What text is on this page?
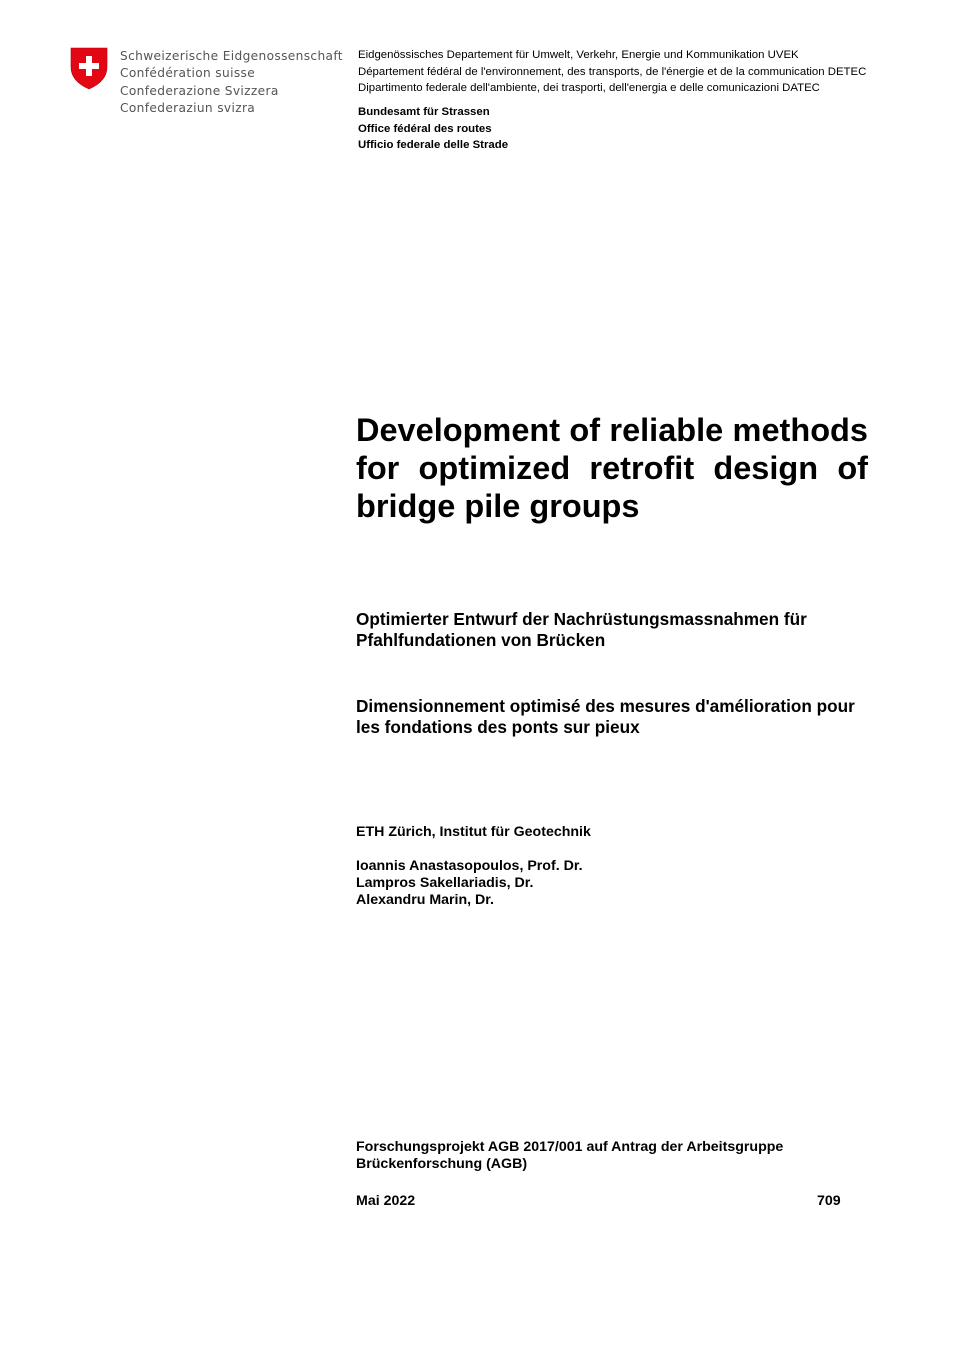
Schweizerische Eidgenossenschaft
Confédération suisse
Confederazione Svizzera
Confederaziun svizra
Eidgenössisches Departement für Umwelt, Verkehr, Energie und Kommunikation UVEK
Département fédéral de l'environnement, des transports, de l'énergie et de la communication DETEC
Dipartimento federale dell'ambiente, dei trasporti, dell'energia e delle comunicazioni DATEC
Bundesamt für Strassen
Office fédéral des routes
Ufficio federale delle Strade
Development of reliable methods for optimized retrofit design of bridge pile groups
Optimierter Entwurf der Nachrüstungsmassnahmen für Pfahlfundationen von Brücken
Dimensionnement optimisé des mesures d'amélioration pour les fondations des ponts sur pieux
ETH Zürich, Institut für Geotechnik
Ioannis Anastasopoulos, Prof. Dr.
Lampros Sakellariadis, Dr.
Alexandru Marin, Dr.
Forschungsprojekt AGB 2017/001 auf Antrag der Arbeitsgruppe
Brückenforschung (AGB)
Mai 2022	709
